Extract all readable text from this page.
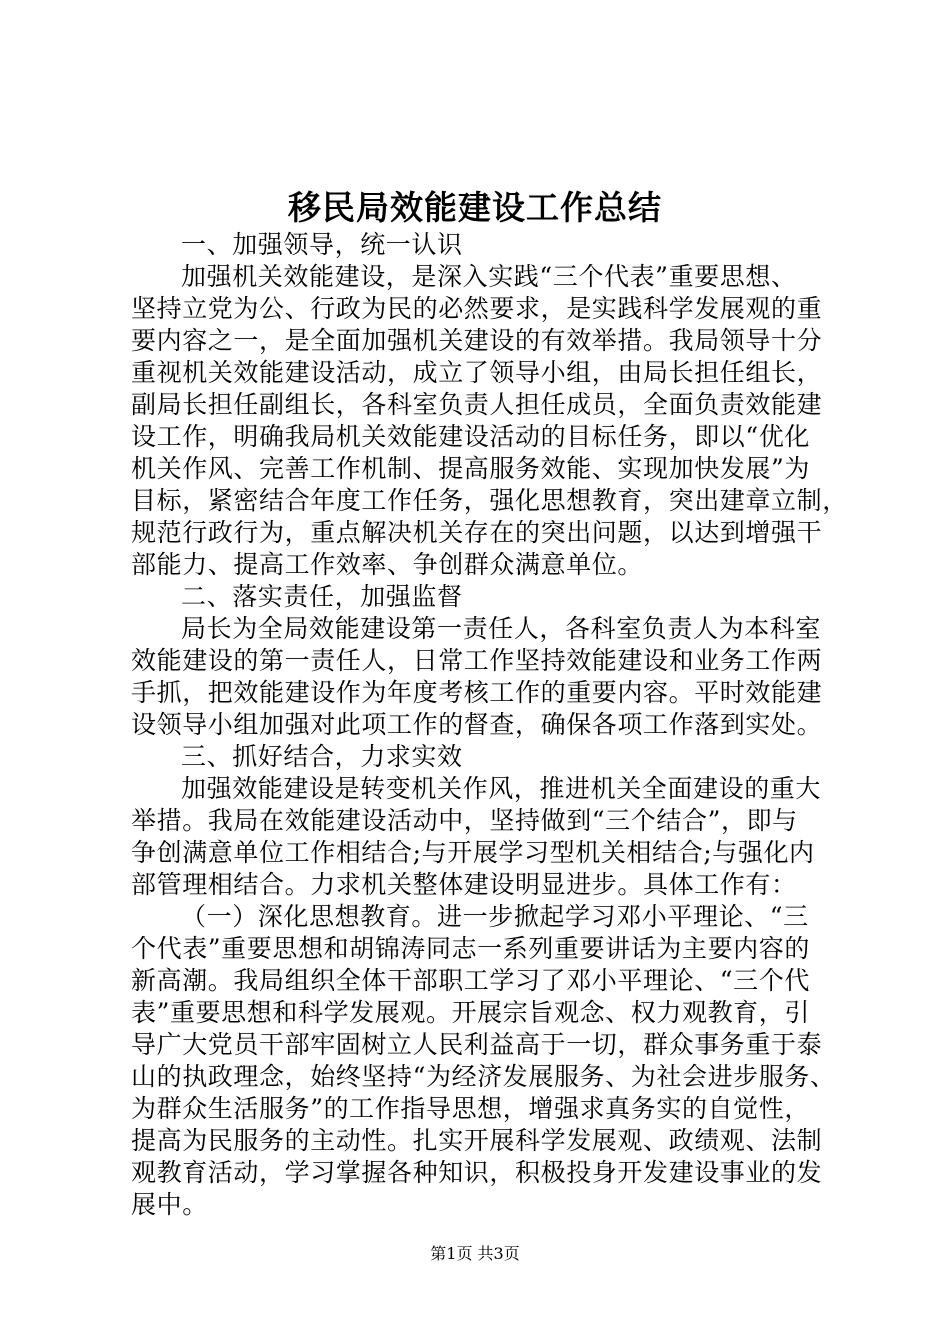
移民局效能建设工作总结
一、加强领导，统一认识
加强机关效能建设，是深入实践“三个代表”重要思想、
坚持立党为公、行政为民的必然要求，是实践科学发展观的重
要内容之一，是全面加强机关建设的有效举措。我局领导十分
重视机关效能建设活动，成立了领导小组，由局长担任组长，
副局长担任副组长，各科室负责人担任成员，全面负责效能建
设工作，明确我局机关效能建设活动的目标任务，即以“优化
机关作风、完善工作机制、提高服务效能、实现加快发展”为
目标，紧密结合年度工作任务，强化思想教育，突出建章立制，
规范行政行为，重点解决机关存在的突出问题，以达到增强干
部能力、提高工作效率、争创群众满意单位。
二、落实责任，加强监督
局长为全局效能建设第一责任人，各科室负责人为本科室
效能建设的第一责任人，日常工作坚持效能建设和业务工作两
手抓，把效能建设作为年度考核工作的重要内容。平时效能建
设领导小组加强对此项工作的督查，确保各项工作落到实处。
三、抓好结合，力求实效
加强效能建设是转变机关作风，推进机关全面建设的重大
举措。我局在效能建设活动中，坚持做到“三个结合”，即与
争创满意单位工作相结合;与开展学习型机关相结合;与强化内
部管理相结合。力求机关整体建设明显进步。具体工作有：
（一）深化思想教育。进一步掀起学习邓小平理论、“三
个代表”重要思想和胡锦涛同志一系列重要讲话为主要内容的
新高潮。我局组织全体干部职工学习了邓小平理论、“三个代
表”重要思想和科学发展观。开展宗旨观念、权力观教育，引
导广大党员干部牢固树立人民利益高于一切，群众事务重于泰
山的执政理念，始终坚持“为经济发展服务、为社会进步服务、
为群众生活服务”的工作指导思想，增强求真务实的自觉性，
提高为民服务的主动性。扎实开展科学发展观、政绩观、法制
观教育活动，学习掌握各种知识，积极投身开发建设事业的发
展中。
第1页 共3页
